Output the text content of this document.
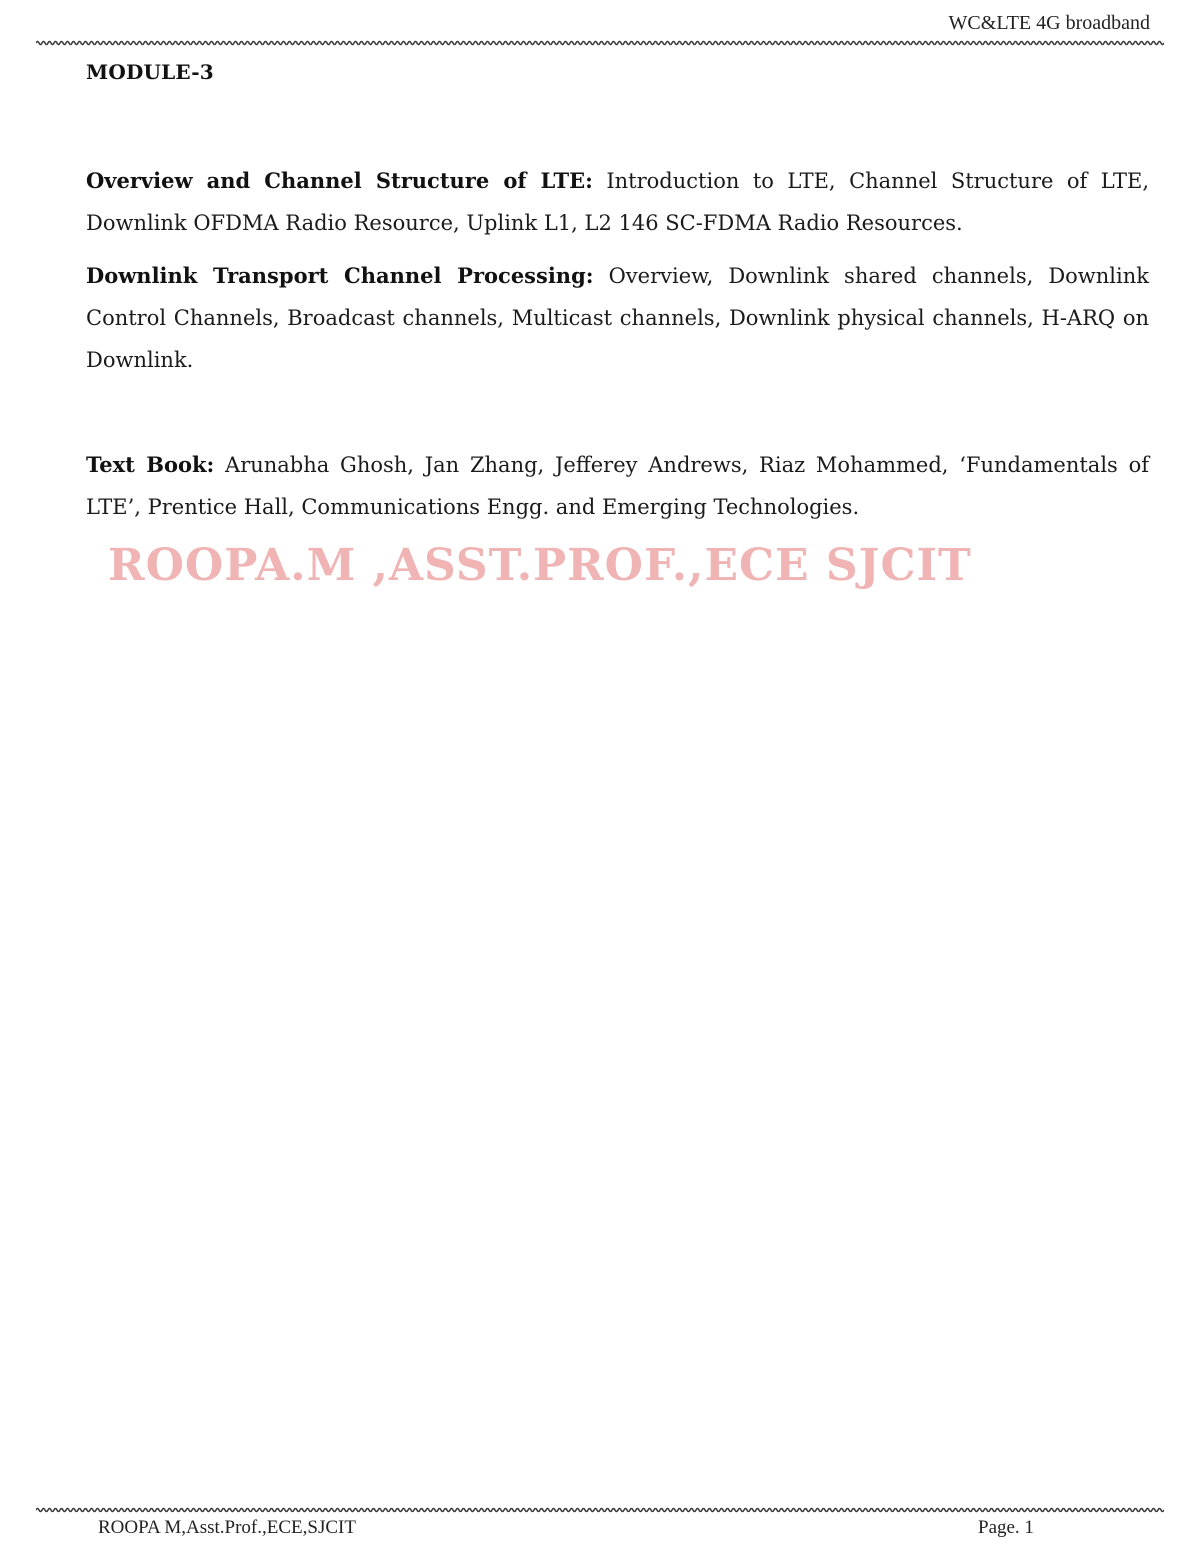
WC&LTE 4G broadband
MODULE-3
Overview and Channel Structure of LTE: Introduction to LTE, Channel Structure of LTE, Downlink OFDMA Radio Resource, Uplink L1, L2 146 SC-FDMA Radio Resources.
Downlink Transport Channel Processing: Overview, Downlink shared channels, Downlink Control Channels, Broadcast channels, Multicast channels, Downlink physical channels, H-ARQ on Downlink.
Text Book: Arunabha Ghosh, Jan Zhang, Jefferey Andrews, Riaz Mohammed, ‘Fundamentals of LTE’, Prentice Hall, Communications Engg. and Emerging Technologies.
ROOPA.M ,ASST.PROF.,ECE SJCIT
ROOPA M,Asst.Prof.,ECE,SJCIT	Page. 1
